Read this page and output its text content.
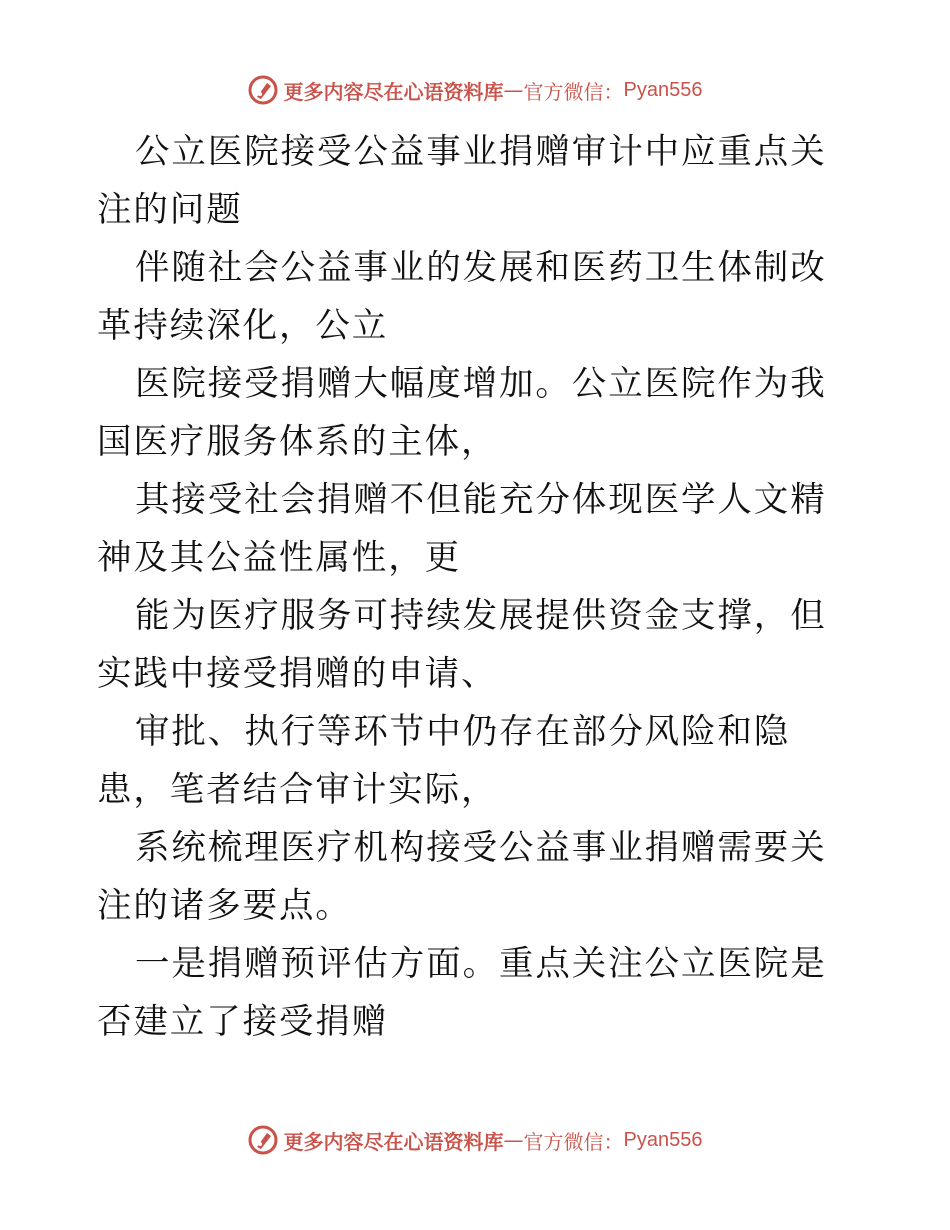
更多内容尽在心语资料库 — 官方微信： Pyan556

公立医院接受公益事业捐赠审计中应重点关注的问题

伴随社会公益事业的发展和医药卫生体制改革持续深化，公立

医院接受捐赠大幅度增加。公立医院作为我国医疗服务体系的主体，

其接受社会捐赠不但能充分体现医学人文精神及其公益性属性，更

能为医疗服务可持续发展提供资金支撑，但实践中接受捐赠的申请、

审批、执行等环节中仍存在部分风险和隐患，笔者结合审计实际，

系统梳理医疗机构接受公益事业捐赠需要关注的诸多要点。

一是捐赠预评估方面。重点关注公立医院是否建立了接受捐赠

更多内容尽在心语资料库 — 官方微信： Pyan556
